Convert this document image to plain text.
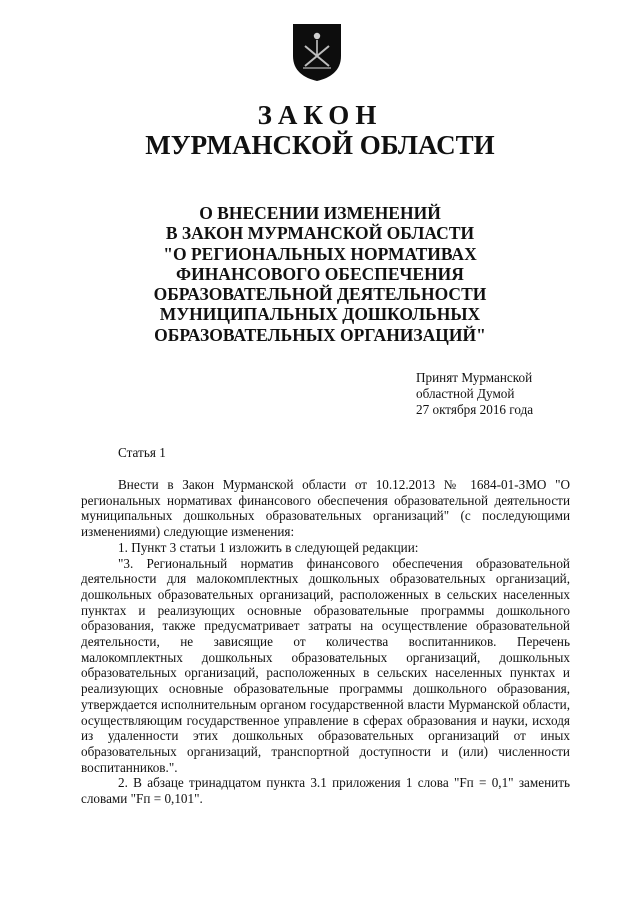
ЗАКОН
МУРМАНСКОЙ ОБЛАСТИ
О ВНЕСЕНИИ ИЗМЕНЕНИЙ
В ЗАКОН МУРМАНСКОЙ ОБЛАСТИ
"О РЕГИОНАЛЬНЫХ НОРМАТИВАХ
ФИНАНСОВОГО ОБЕСПЕЧЕНИЯ
ОБРАЗОВАТЕЛЬНОЙ ДЕЯТЕЛЬНОСТИ
МУНИЦИПАЛЬНЫХ ДОШКОЛЬНЫХ
ОБРАЗОВАТЕЛЬНЫХ ОРГАНИЗАЦИЙ"
Принят Мурманской
областной Думой
27 октября 2016 года
Статья 1

Внести в Закон Мурманской области от 10.12.2013 № 1684-01-ЗМО "О региональных нормативах финансового обеспечения образовательной деятельности муниципальных дошкольных образовательных организаций" (с последующими изменениями) следующие изменения:

1. Пункт 3 статьи 1 изложить в следующей редакции:

"3. Региональный норматив финансового обеспечения образовательной деятельности для малокомплектных дошкольных образовательных организаций, дошкольных образовательных организаций, расположенных в сельских населенных пунктах и реализующих основные образовательные программы дошкольного образования, также предусматривает затраты на осуществление образовательной деятельности, не зависящие от количества воспитанников. Перечень малокомплектных дошкольных образовательных организаций, дошкольных образовательных организаций, расположенных в сельских населенных пунктах и реализующих основные образовательные программы дошкольного образования, утверждается исполнительным органом государственной власти Мурманской области, осуществляющим государственное управление в сферах образования и науки, исходя из удаленности этих дошкольных образовательных организаций от иных образовательных организаций, транспортной доступности и (или) численности воспитанников.".

2. В абзаце тринадцатом пункта 3.1 приложения 1 слова "Fп = 0,1" заменить словами "Fп = 0,101".
